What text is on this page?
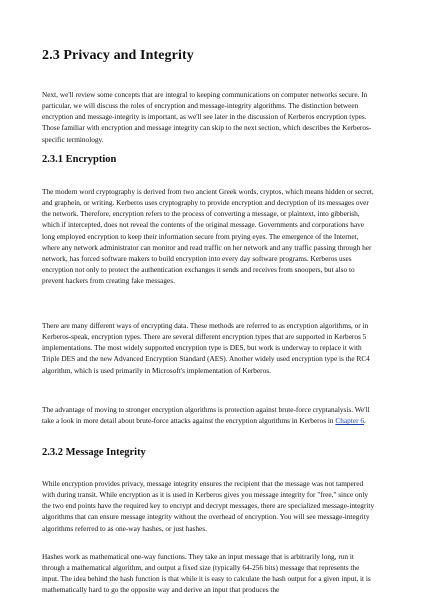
2.3 Privacy and Integrity

Next, we'll review some concepts that are integral to keeping communications on computer networks secure. In particular, we will discuss the roles of encryption and message-integrity algorithms. The distinction between encryption and message-integrity is important, as we'll see later in the discussion of Kerberos encryption types. Those familiar with encryption and message integrity can skip to the next section, which describes the Kerberos-specific terminology.

2.3.1 Encryption

The modern word cryptography is derived from two ancient Greek words, cryptos, which means hidden or secret, and grapheín, or writing. Kerberos uses cryptography to provide encryption and decryption of its messages over the network. Therefore, encryption refers to the process of converting a message, or plaintext, into gibberish, which if intercepted, does not reveal the contents of the original message. Governments and corporations have long employed encryption to keep their information secure from prying eyes. The emergence of the Internet, where any network administrator can monitor and read traffic on her network and any traffic passing through her network, has forced software makers to build encryption into every day software programs. Kerberos uses encryption not only to protect the authentication exchanges it sends and receives from snoopers, but also to prevent hackers from creating fake messages.

There are many different ways of encrypting data. These methods are referred to as encryption algorithms, or in Kerberos-speak, encryption types. There are several different encryption types that are supported in Kerberos 5 implementations. The most widely supported encryption type is DES, but work is underway to replace it with Triple DES and the new Advanced Encryption Standard (AES). Another widely used encryption type is the RC4 algorithm, which is used primarily in Microsoft's implementation of Kerberos.

The advantage of moving to stronger encryption algorithms is protection against brute-force cryptanalysis. We'll take a look in more detail about brute-force attacks against the encryption algorithms in Kerberos in Chapter 6.

2.3.2 Message Integrity

While encryption provides privacy, message integrity ensures the recipient that the message was not tampered with during transit. While encryption as it is used in Kerberos gives you message integrity for "free," since only the two end points have the required key to encrypt and decrypt messages, there are specialized message-integrity algorithms that can ensure message integrity without the overhead of encryption. You will see message-integrity algorithms referred to as one-way hashes, or just hashes.

Hashes work as mathematical one-way functions. They take an input message that is arbitrarily long, run it through a mathematical algorithm, and output a fixed size (typically 64-256 bits) message that represents the input. The idea behind the hash function is that while it is easy to calculate the hash output for a given input, it is mathematically hard to go the opposite way and derive an input that produces the
